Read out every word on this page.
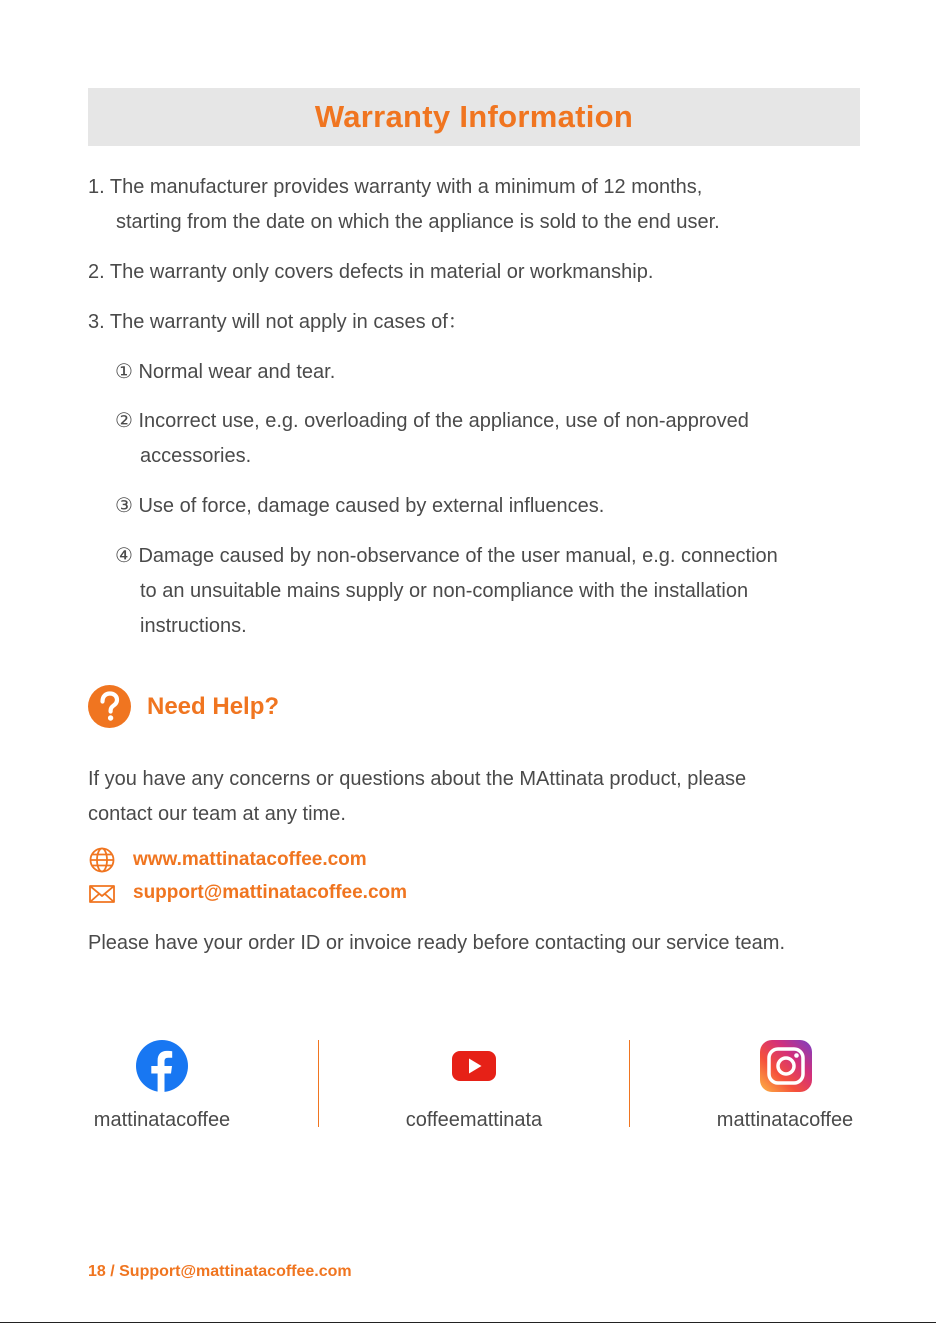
Warranty Information

1. The manufacturer provides warranty with a minimum of 12 months,

starting from the date on which the appliance is sold to the end user.

2. The warranty only covers defects in material or workmanship.

3. The warranty will not apply in cases of：

① Normal wear and tear.

② Incorrect use, e.g. overloading of the appliance, use of non-approved

accessories.

③ Use of force, damage caused by external influences.

④ Damage caused by non-observance of the user manual, e.g. connection

to an unsuitable mains supply or non-compliance with the installation

instructions.

Need Help?

If you have any concerns or questions about the MAttinata product, please

contact our team at any time.

www.mattinatacoffee.com
support@mattinatacoffee.com

Please have your order ID or invoice ready before contacting our service team.

mattinatacoffee	coffeemattinata	mattinatacoffee
18 / Support@mattinatacoffee.com
